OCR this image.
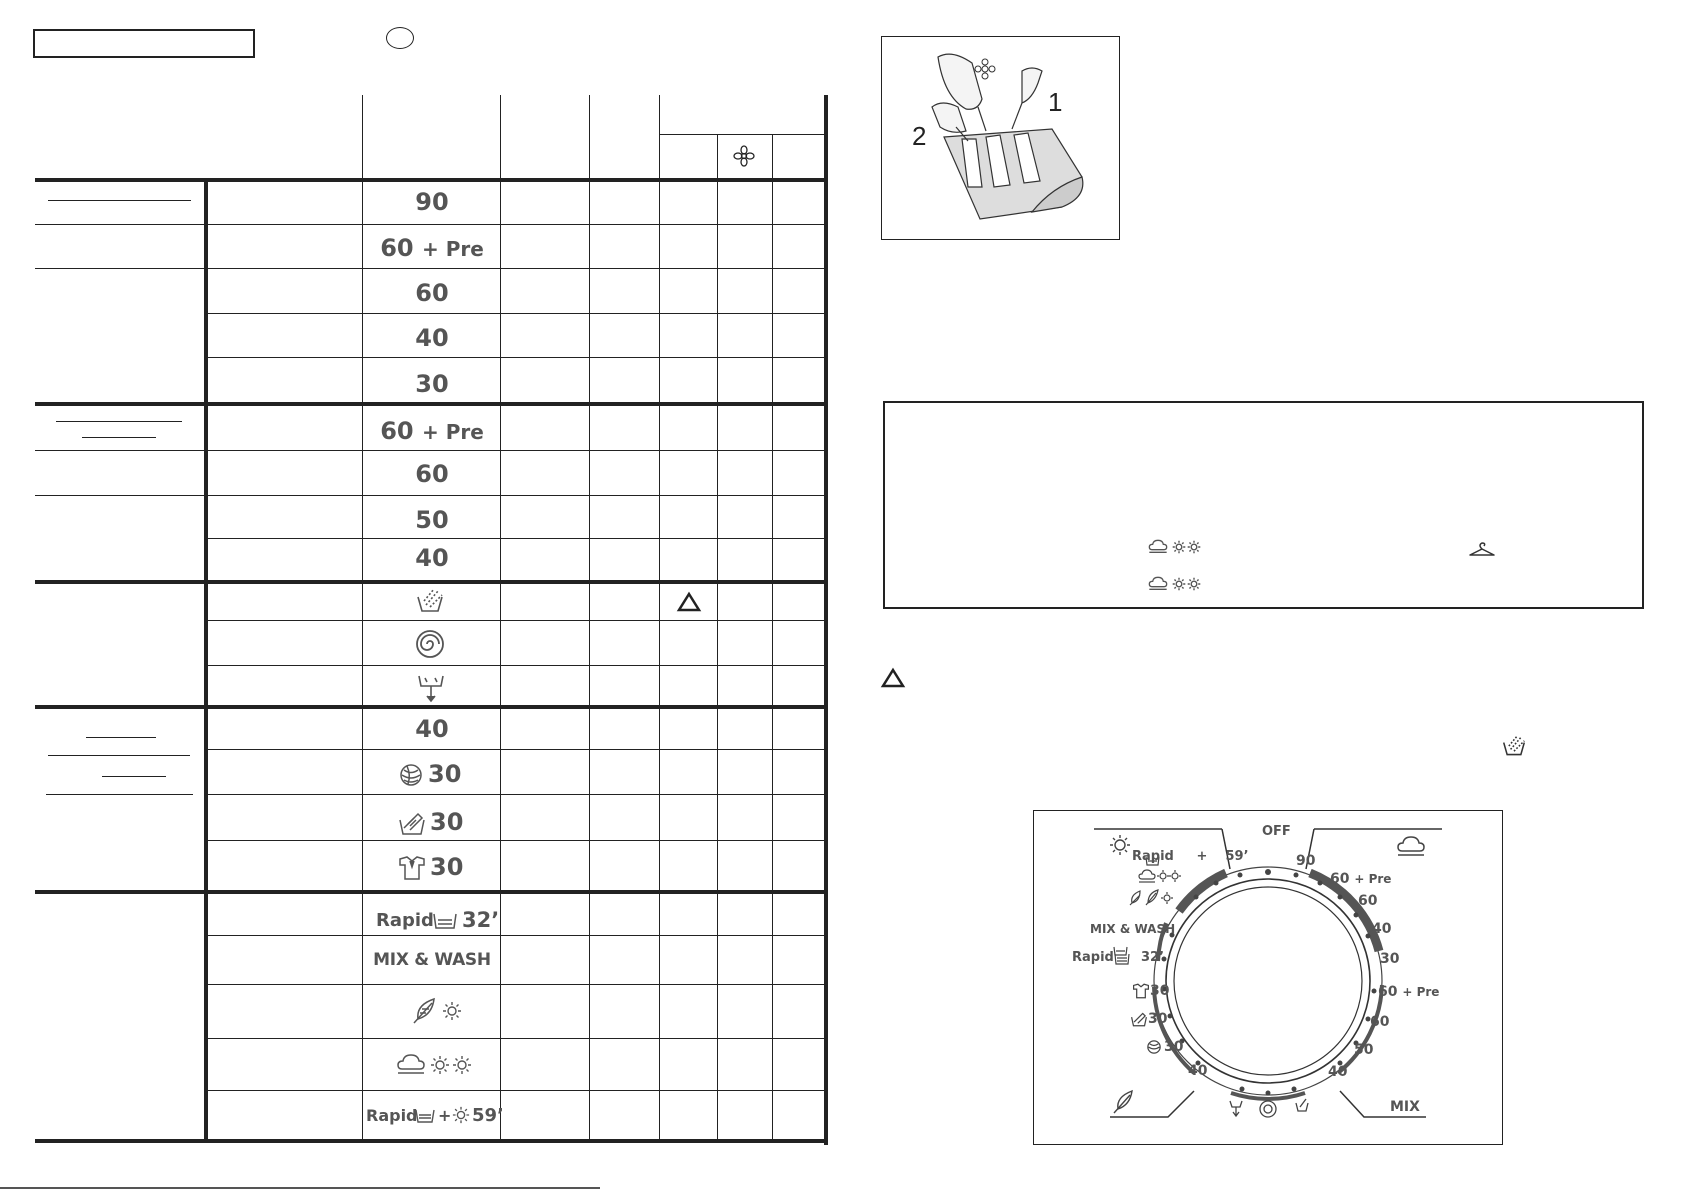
90
60 + Pre
60
40
30
60 + Pre
60
50
40
40
30
30
30
Rapid 32’
MIX & WASH
Rapid + 59’
1
2
OFF
Rapid + 59’
MIX & WASH
Rapid 32’
30
30
30
40
90
60 + Pre
60
40
30
60 + Pre
60
50
40
MIX
